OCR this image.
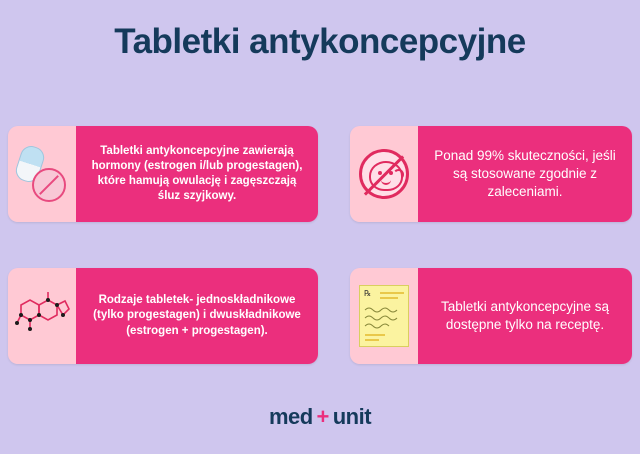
Tabletki antykoncepcyjne
Tabletki antykoncepcyjne zawierają hormony (estrogen i/lub progestagen), które hamują owulację i zagęszczają śluz szyjkowy.
Ponad 99% skuteczności, jeśli są stosowane zgodnie z zaleceniami.
Rodzaje tabletek- jednoskładnikowe (tylko progestagen) i dwuskładnikowe (estrogen + progestagen).
℞
Tabletki antykoncepcyjne są dostępne tylko na receptę.
med + unit
